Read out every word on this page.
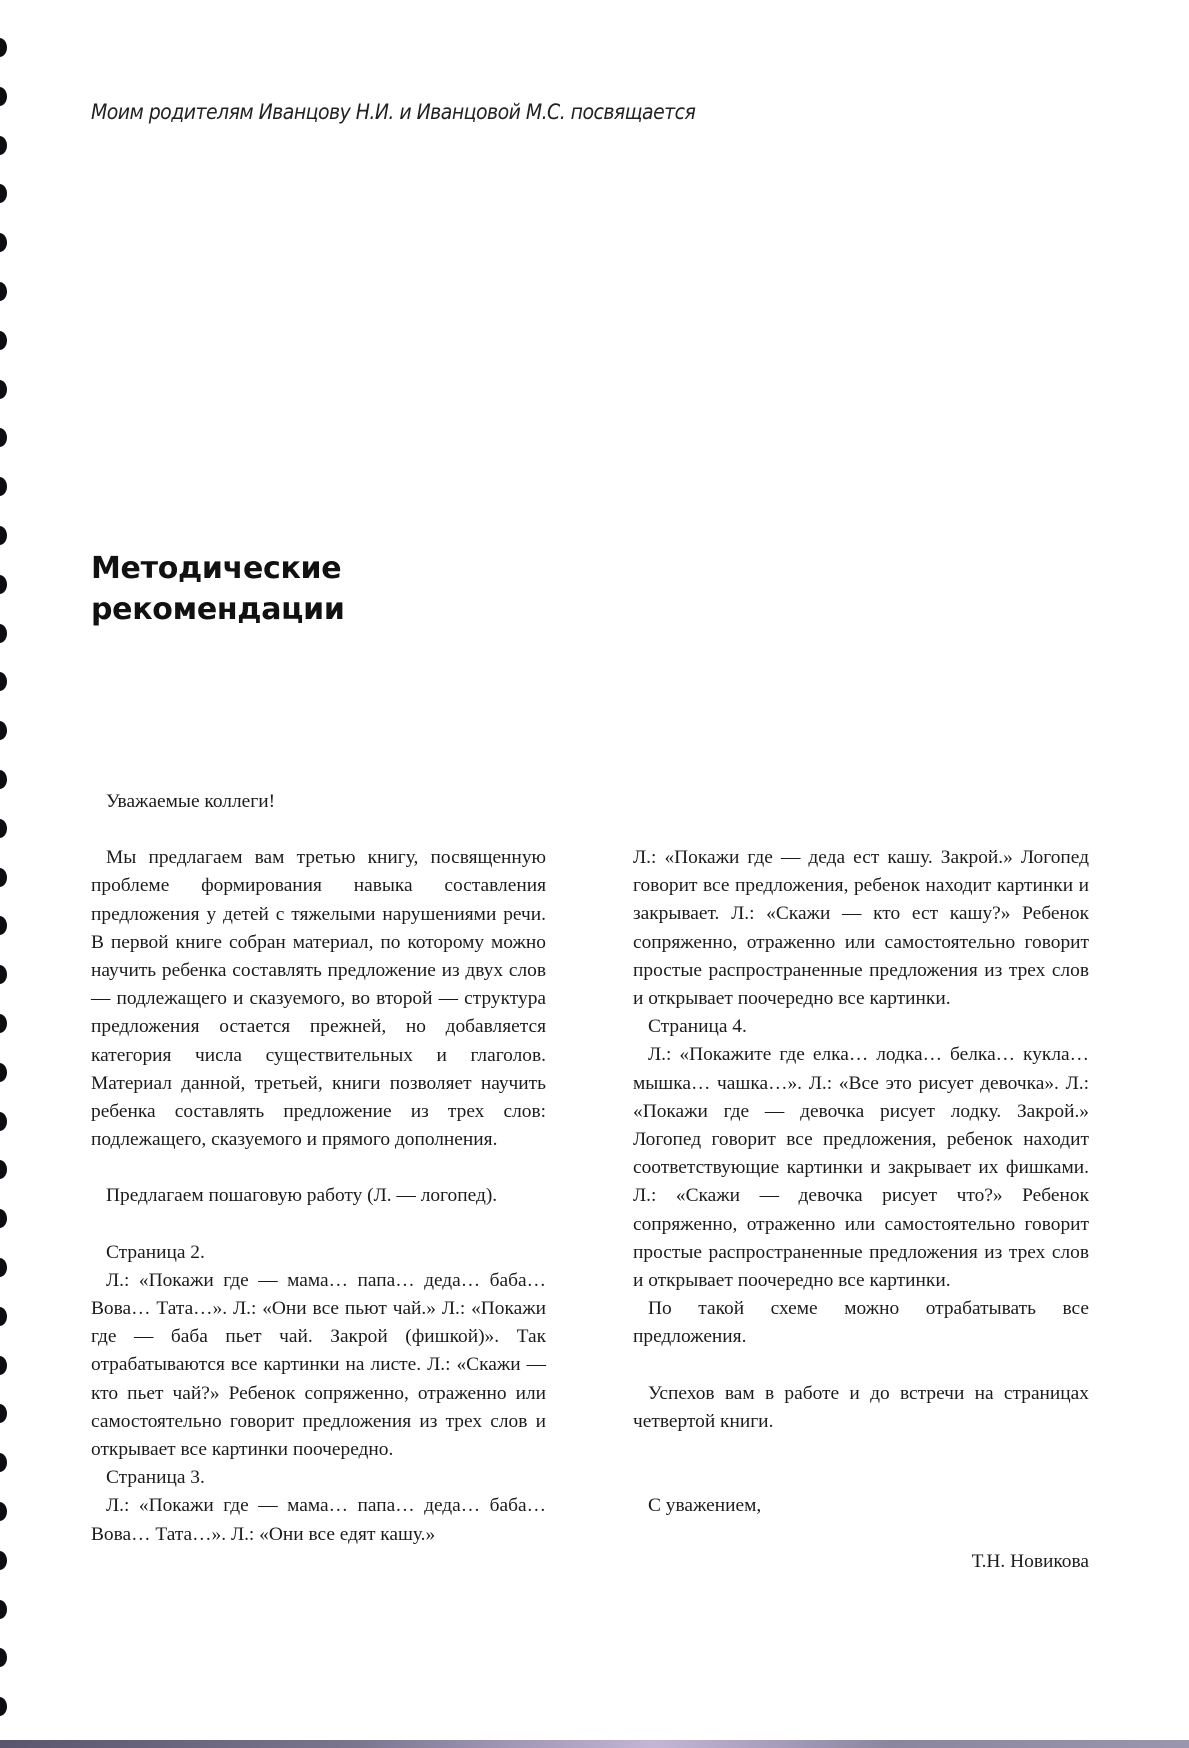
Моим родителям Иванцову Н.И. и Иванцовой М.С. посвящается
Методические
рекомендации

Уважаемые коллеги!

Мы предлагаем вам третью книгу, посвященную проблеме формирования навыка составления предложения у детей с тяжелыми нарушениями речи. В первой книге собран материал, по которому можно научить ребенка составлять предложение из двух слов — подлежащего и сказуемого, во второй — структура предложения остается прежней, но добавляется категория числа существительных и глаголов. Материал данной, третьей, книги позволяет научить ребенка составлять предложение из трех слов: подлежащего, сказуемого и прямого дополнения.

Предлагаем пошаговую работу (Л. — логопед).

Страница 2.

Л.: «Покажи где — мама… папа… деда… баба… Вова… Тата…». Л.: «Они все пьют чай.» Л.: «Покажи где — баба пьет чай. Закрой (фишкой)». Так отрабатываются все картинки на листе. Л.: «Скажи — кто пьет чай?» Ребенок сопряженно, отраженно или самостоятельно говорит предложения из трех слов и открывает все картинки поочередно.

Страница 3.

Л.: «Покажи где — мама… папа… деда… баба… Вова… Тата…». Л.: «Они все едят кашу.»

Л.: «Покажи где — деда ест кашу. Закрой.» Логопед говорит все предложения, ребенок находит картинки и закрывает. Л.: «Скажи — кто ест кашу?» Ребенок сопряженно, отраженно или самостоятельно говорит простые распространенные предложения из трех слов и открывает поочередно все картинки.

Страница 4.

Л.: «Покажите где елка… лодка… белка… кукла… мышка… чашка…». Л.: «Все это рисует девочка». Л.: «Покажи где — девочка рисует лодку. Закрой.» Логопед говорит все предложения, ребенок находит соответствующие картинки и закрывает их фишками. Л.: «Скажи — девочка рисует что?» Ребенок сопряженно, отраженно или самостоятельно говорит простые распространенные предложения из трех слов и открывает поочередно все картинки.

По такой схеме можно отрабатывать все предложения.

Успехов вам в работе и до встречи на страницах четвертой книги.

С уважением,

Т.Н. Новикова
